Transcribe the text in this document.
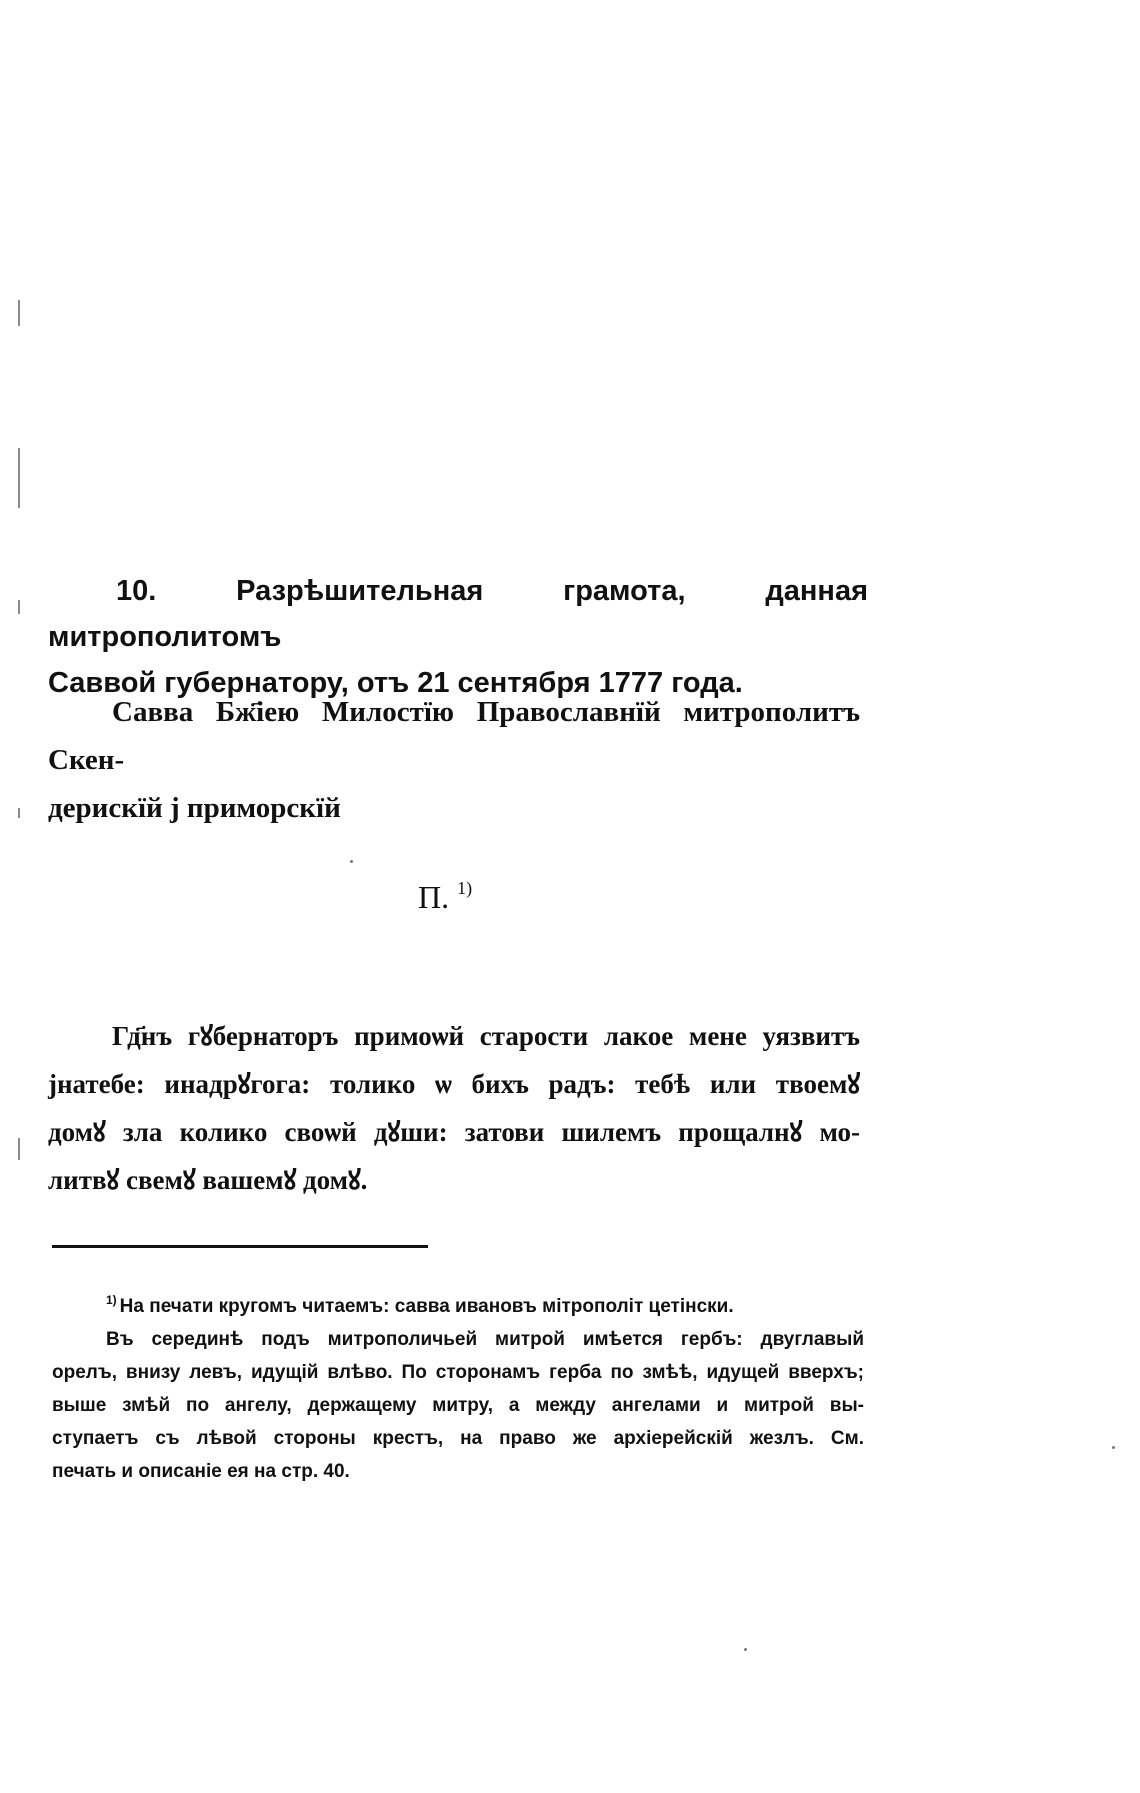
10. Разрѣшительная грамота, данная митрополитомъ
Саввой губернатору, отъ 21 сентября 1777 года.

Савва Бж҃іею Милостїю Православнїй митрополитъ Скен-
дерискїй ј приморскїй

П. $^{1)}$

Гд҃нъ гꙋбернаторъ примоѡй старости лакое мене уязвитъ
јнатебе: инадрꙋгога: толико ѡ бихъ радъ: тебѣ или твоемꙋ
домꙋ зла колико своѡй дꙋши: затови шилемъ прощалнꙋ мо-
литвꙋ свемꙋ вашемꙋ домꙋ.

$^{1)}$ На печати кругомъ читаемъ: савва ивановъ мітрополіт цетінски.
Въ серединѣ подъ митрополичьей митрой имѣется гербъ: двуглавый
орелъ, внизу левъ, идущій влѣво. По сторонамъ герба по змѣѣ, идущей вверхъ;
выше змѣй по ангелу, держащему митру, а между ангелами и митрой вы-
ступаетъ съ лѣвой стороны крестъ, на право же архіерейскій жезлъ. См.
печать и описаніе ея на стр. 40.
